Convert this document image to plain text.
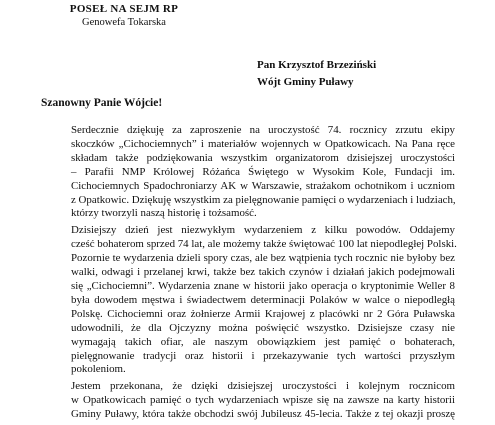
POSEŁ NA SEJM RP
Genowefa Tokarska
Pan Krzysztof Brzeziński
Wójt Gminy Puławy
Szanowny Panie Wójcie!

Serdecznie dziękuję za zaproszenie na uroczystość 74. rocznicy zrzutu ekipy
skoczków „Cichociemnych” i materiałów wojennych w Opatkowicach. Na Pana ręce
składam także podziękowania wszystkim organizatorom dzisiejszej uroczystości
– Parafii NMP Królowej Różańca Świętego w Wysokim Kole, Fundacji im.
Cichociemnych Spadochroniarzy AK w Warszawie, strażakom ochotnikom i uczniom
z Opatkowic. Dziękuję wszystkim za pielęgnowanie pamięci o wydarzeniach i ludziach,
którzy tworzyli naszą historię i tożsamość.

Dzisiejszy dzień jest niezwykłym wydarzeniem z kilku powodów. Oddajemy
cześć bohaterom sprzed 74 lat, ale możemy także świętować 100 lat niepodległej Polski.
Pozornie te wydarzenia dzieli spory czas, ale bez wątpienia tych rocznic nie byłoby bez
walki, odwagi i przelanej krwi, także bez takich czynów i działań jakich podejmowali
się „Cichociemni”. Wydarzenia znane w historii jako operacja o kryptonimie Weller 8
była dowodem męstwa i świadectwem determinacji Polaków w walce o niepodległą
Polskę. Cichociemni oraz żołnierze Armii Krajowej z placówki nr 2 Góra Puławska
udowodnili, że dla Ojczyzny można poświęcić wszystko. Dzisiejsze czasy nie
wymagają takich ofiar, ale naszym obowiązkiem jest pamięć o bohaterach,
pielęgnowanie tradycji oraz historii i przekazywanie tych wartości przyszłym
pokoleniom.

Jestem przekonana, że dzięki dzisiejszej uroczystości i kolejnym rocznicom
w Opatkowicach pamięć o tych wydarzeniach wpisze się na zawsze na karty historii
Gminy Puławy, która także obchodzi swój Jubileusz 45-lecia. Także z tej okazji proszę
